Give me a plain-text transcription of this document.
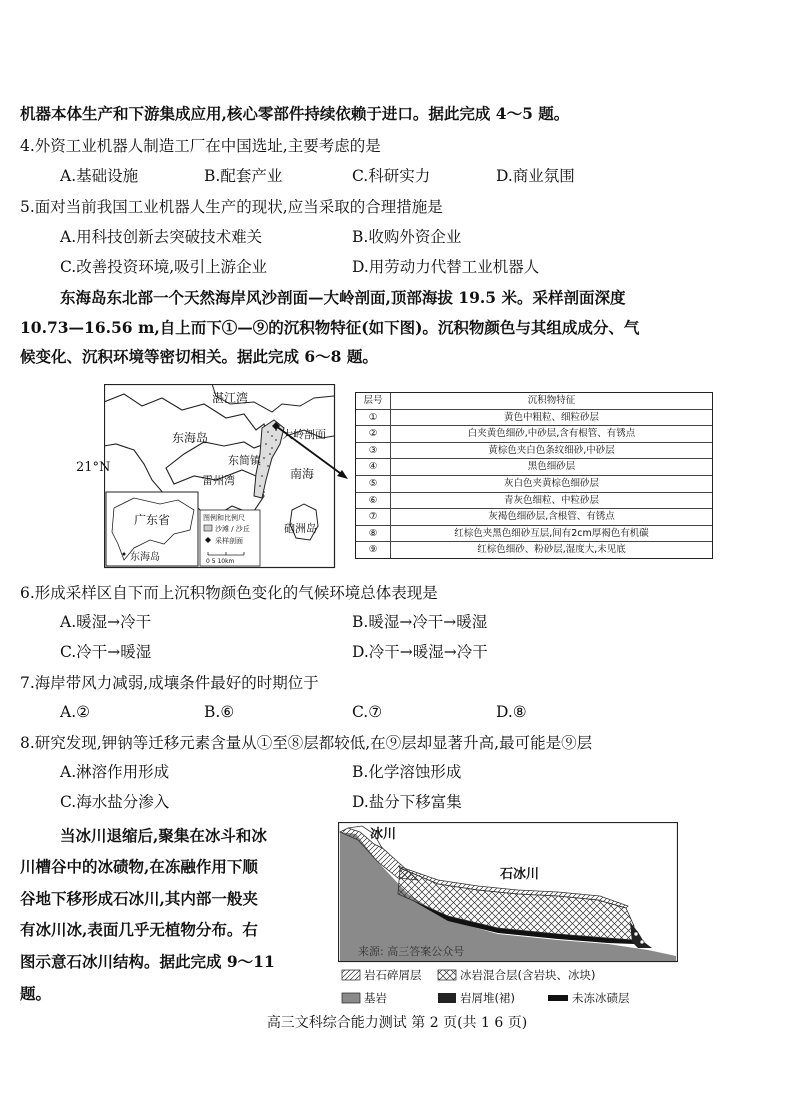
机器本体生产和下游集成应用,核心零部件持续依赖于进口。据此完成 4～5 题。
4.外资工业机器人制造工厂在中国选址,主要考虑的是
A.基础设施	B.配套产业	C.科研实力	D.商业氛围
5.面对当前我国工业机器人生产的现状,应当采取的合理措施是
A.用科技创新去突破技术难关	B.收购外资企业
C.改善投资环境,吸引上游企业	D.用劳动力代替工业机器人
东海岛东北部一个天然海岸风沙剖面—大岭剖面,顶部海拔 19.5 米。采样剖面深度
10.73—16.56 m,自上而下①—⑨的沉积物特征(如下图)。沉积物颜色与其组成成分、气
候变化、沉积环境等密切相关。据此完成 6～8 题。
湛江湾
东海岛	大岭剖面
东简镇
南海
雷州湾
硇洲岛
广东省
东海岛
图例和比例尺
沙滩 / 沙丘
采样剖面
0 5 10km
21°N
层号	沉积物特征
①	黄色中粗粒、细粒砂层
②	白夹黄色细砂,中砂层,含有根管、有锈点
③	黄棕色夹白色条纹细砂,中砂层
④	黑色细砂层
⑤	灰白色夹黄棕色细砂层
⑥	青灰色细粒、中粒砂层
⑦	灰褐色细砂层,含根管、有锈点
⑧	红棕色夹黑色细砂互层,间有2cm厚褐色有机碳
⑨	红棕色细砂、粉砂层,湿度大,未见底
6.形成采样区自下而上沉积物颜色变化的气候环境总体表现是
A.暖湿→冷干	B.暖湿→冷干→暖湿
C.冷干→暖湿	D.冷干→暖湿→冷干
7.海岸带风力减弱,成壤条件最好的时期位于
A.②	B.⑥	C.⑦	D.⑧
8.研究发现,钾钠等迁移元素含量从①至⑧层都较低,在⑨层却显著升高,最可能是⑨层
A.淋溶作用形成	B.化学溶蚀形成
C.海水盐分渗入	D.盐分下移富集
当冰川退缩后,聚集在冰斗和冰
川槽谷中的冰碛物,在冻融作用下顺
谷地下移形成石冰川,其内部一般夹
有冰川冰,表面几乎无植物分布。右
图示意石冰川结构。据此完成 9～11
题。
冰川
石冰川
来源: 高三答案公众号
岩石碎屑层	冰岩混合层(含岩块、冰块)
基岩	岩屑堆(裙)	未冻冰碛层
高三文科综合能力测试 第 2 页(共 1 6 页)
